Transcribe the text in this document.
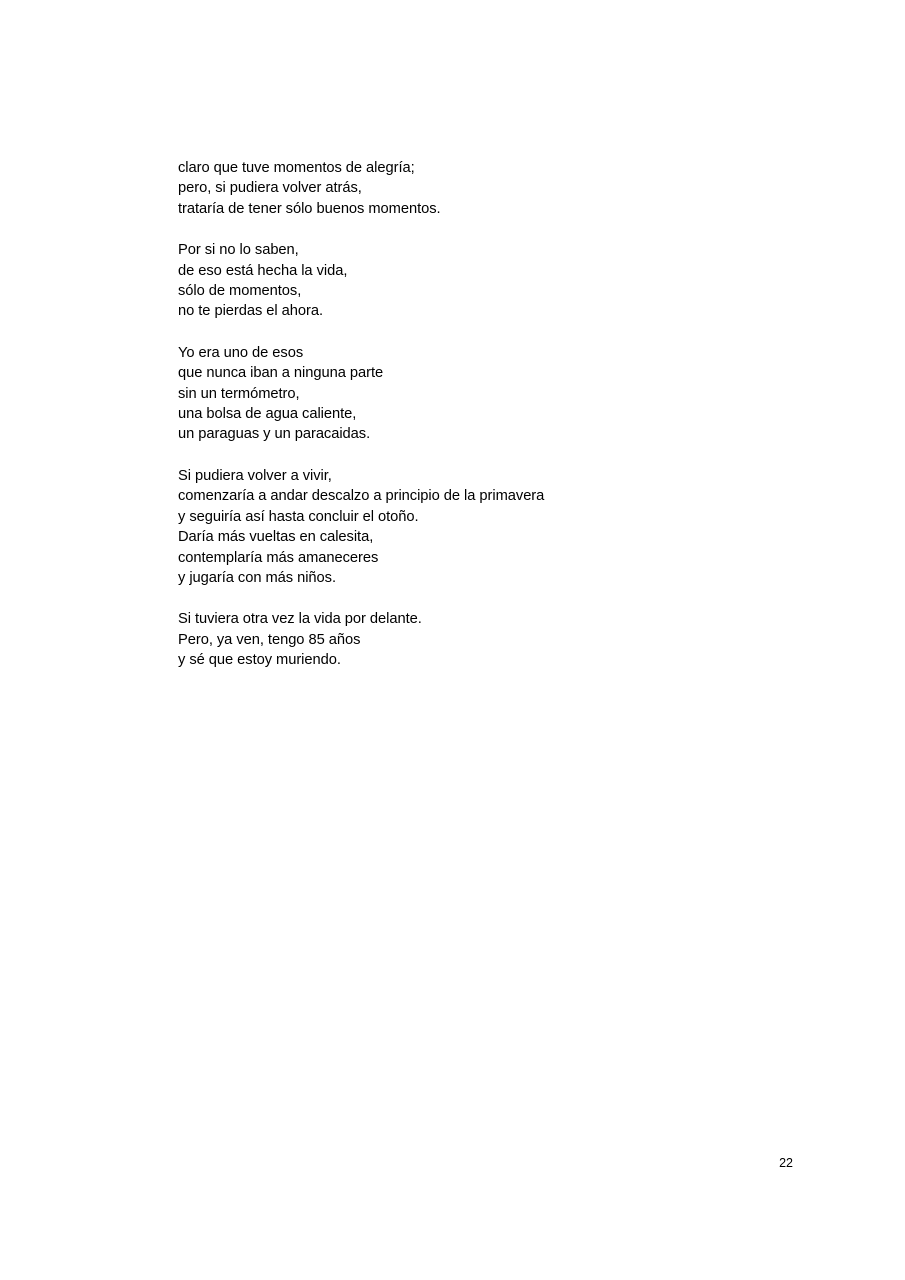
claro que tuve momentos de alegría;
pero, si pudiera volver atrás,
trataría de tener sólo buenos momentos.
Por si no lo saben,
de eso está hecha la vida,
sólo de momentos,
no te pierdas el ahora.
Yo era uno de esos
que nunca iban a ninguna parte
sin un termómetro,
una bolsa de agua caliente,
un paraguas y un paracaidas.
Si pudiera volver a vivir,
comenzaría a andar descalzo a principio de la primavera
y seguiría así hasta concluir el otoño.
Daría más vueltas en calesita,
contemplaría más amaneceres
y jugaría con más niños.
Si tuviera otra vez la vida por delante.
Pero, ya ven, tengo 85 años
y sé que estoy muriendo.
22
